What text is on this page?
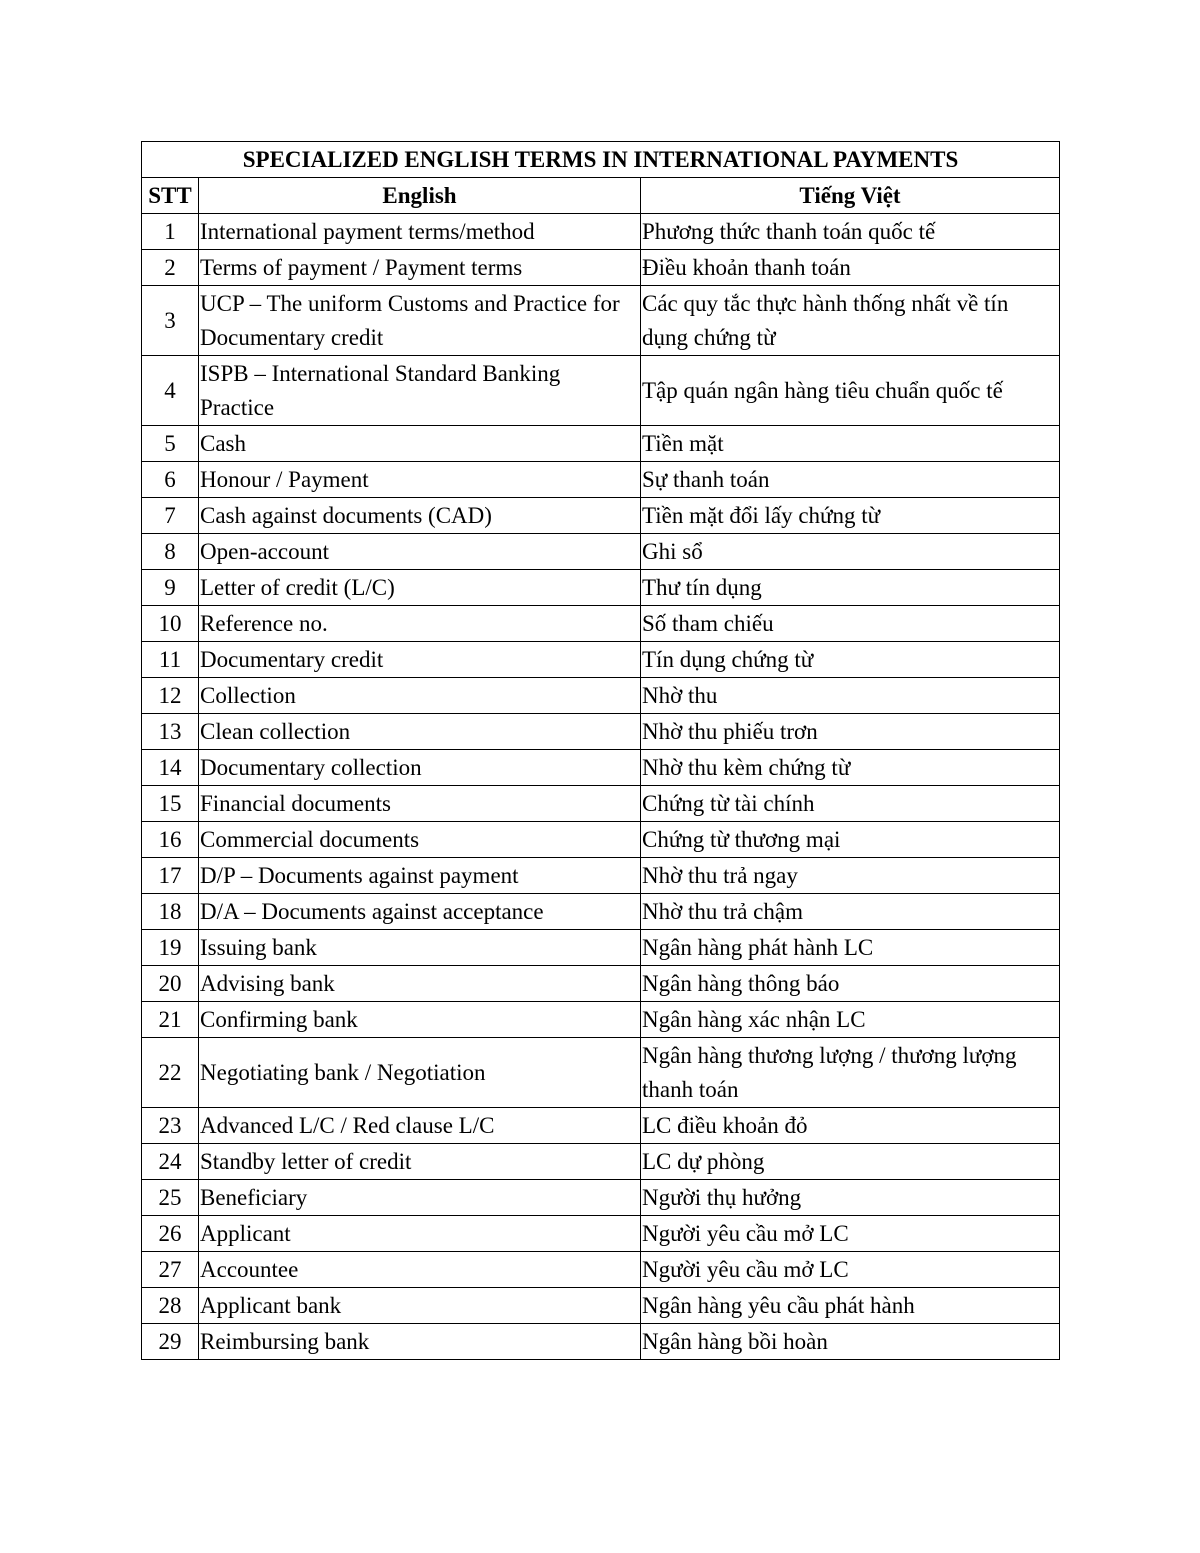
SPECIALIZED ENGLISH TERMS IN INTERNATIONAL PAYMENTS		
STT	English	Tiếng Việt
1	International payment terms/method	Phương thức thanh toán quốc tế
2	Terms of payment / Payment terms	Điều khoản thanh toán
3	UCP – The uniform Customs and Practice for Documentary credit	Các quy tắc thực hành thống nhất về tín dụng chứng từ
4	ISPB – International Standard Banking Practice	Tập quán ngân hàng tiêu chuẩn quốc tế
5	Cash	Tiền mặt
6	Honour / Payment	Sự thanh toán
7	Cash against documents (CAD)	Tiền mặt đổi lấy chứng từ
8	Open-account	Ghi sổ
9	Letter of credit (L/C)	Thư tín dụng
10	Reference no.	Số tham chiếu
11	Documentary credit	Tín dụng chứng từ
12	Collection	Nhờ thu
13	Clean collection	Nhờ thu phiếu trơn
14	Documentary collection	Nhờ thu kèm chứng từ
15	Financial documents	Chứng từ tài chính
16	Commercial documents	Chứng từ thương mại
17	D/P – Documents against payment	Nhờ thu trả ngay
18	D/A – Documents against acceptance	Nhờ thu trả chậm
19	Issuing bank	Ngân hàng phát hành LC
20	Advising bank	Ngân hàng thông báo
21	Confirming bank	Ngân hàng xác nhận LC
22	Negotiating bank / Negotiation	Ngân hàng thương lượng / thương lượng thanh toán
23	Advanced L/C / Red clause L/C	LC điều khoản đỏ
24	Standby letter of credit	LC dự phòng
25	Beneficiary	Người thụ hưởng
26	Applicant	Người yêu cầu mở LC
27	Accountee	Người yêu cầu mở LC
28	Applicant bank	Ngân hàng yêu cầu phát hành
29	Reimbursing bank	Ngân hàng bồi hoàn
